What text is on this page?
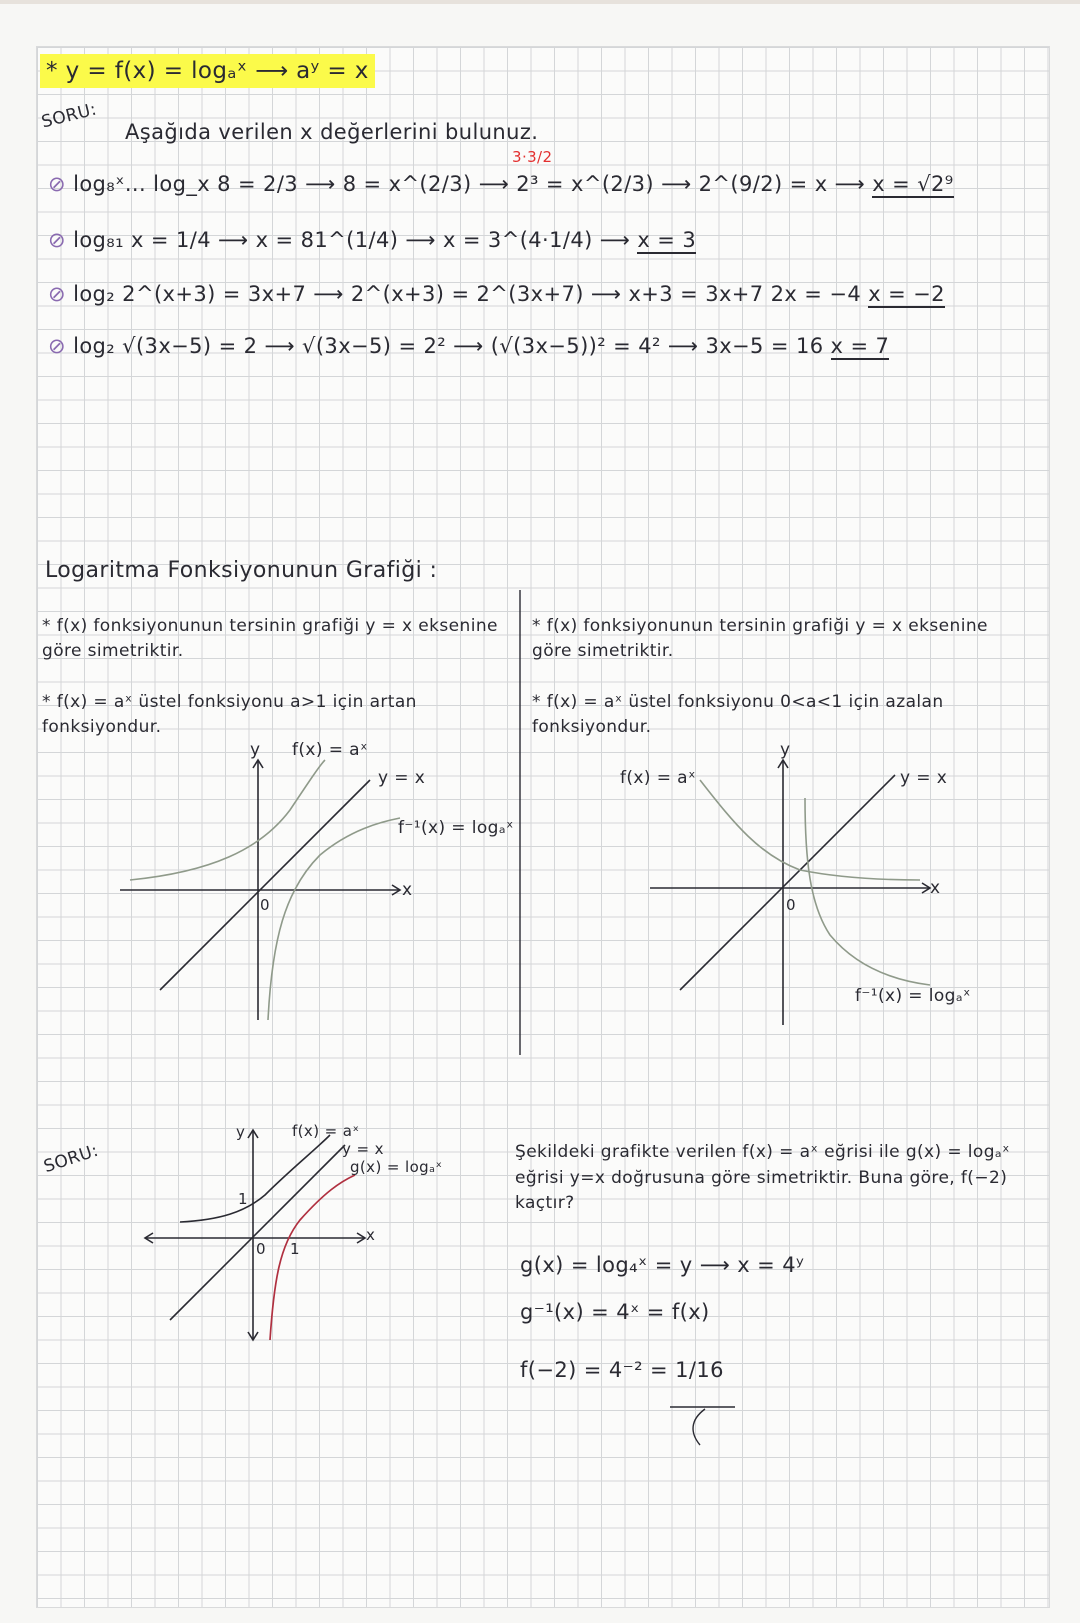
* y = f(x) = logₐˣ ⟶ aʸ = x
SORU: Aşağıda verilen x değerlerini bulunuz.
3·3/2
⊘ log₈ˣ... log_x 8 = 2/3 ⟶ 8 = x^(2/3) ⟶ 2³ = x^(2/3) ⟶ 2^(9/2) = x ⟶ x = √2⁹
⊘ log₈₁ x = 1/4 ⟶ x = 81^(1/4) ⟶ x = 3^(4·1/4) ⟶ x = 3
⊘ log₂ 2^(x+3) = 3x+7 ⟶ 2^(x+3) = 2^(3x+7) ⟶ x+3 = 3x+7 2x = −4 x = −2
⊘ log₂ √(3x−5) = 2 ⟶ √(3x−5) = 2² ⟶ (√(3x−5))² = 4² ⟶ 3x−5 = 16 x = 7
Logaritma Fonksiyonunun Grafiği :
* f(x) fonksiyonunun tersinin grafiği y = x eksenine göre simetriktir.
* f(x) = aˣ üstel fonksiyonu a>1 için artan fonksiyondur.
* f(x) fonksiyonunun tersinin grafiği y = x eksenine göre simetriktir.
* f(x) = aˣ üstel fonksiyonu 0<a<1 için azalan fonksiyondur.
y f(x) = aˣ
y = x
f⁻¹(x) = logₐˣ
x
0
y
f(x) = aˣ	y = x
x
0
f⁻¹(x) = logₐˣ
SORU:
y	f(x) = aˣ
y = x
g(x) = logₐˣ
x
1
0 1
Şekildeki grafikte verilen f(x) = aˣ eğrisi ile g(x) = logₐˣ eğrisi y=x doğrusuna göre simetriktir. Buna göre, f(−2) kaçtır?
g(x) = log₄ˣ = y ⟶ x = 4ʸ
g⁻¹(x) = 4ˣ = f(x)
f(−2) = 4⁻² = 1/16
